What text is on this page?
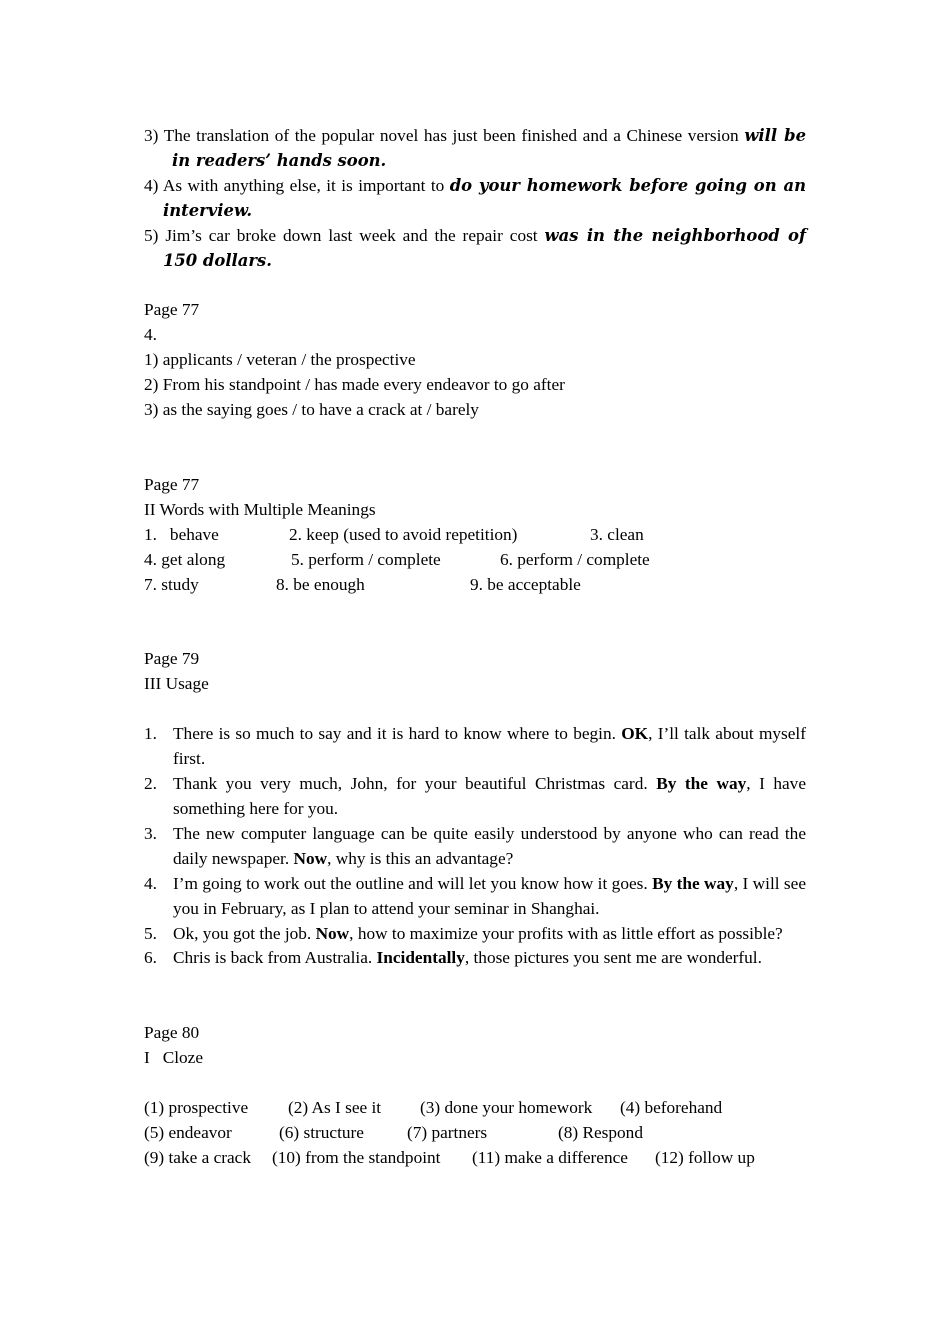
3) The translation of the popular novel has just been finished and a Chinese version will be in readers’ hands soon.

4) As with anything else, it is important to do your homework before going on an interview.

5) Jim’s car broke down last week and the repair cost was in the neighborhood of 150 dollars.

Page 77

4.

1) applicants / veteran / the prospective

2) From his standpoint / has made every endeavor to go after

3) as the saying goes / to have a crack at / barely

Page 77

II Words with Multiple Meanings

1.   behave	2. keep (used to avoid repetition)	3. clean
4. get along	5. perform / complete	6. perform / complete
7. study	8. be enough	9. be acceptable

Page 79

III Usage

1. There is so much to say and it is hard to know where to begin. OK, I’ll talk about myself first.
2. Thank you very much, John, for your beautiful Christmas card. By the way, I have something here for you.
3. The new computer language can be quite easily understood by anyone who can read the daily newspaper. Now, why is this an advantage?
4. I’m going to work out the outline and will let you know how it goes. By the way, I will see you in February, as I plan to attend your seminar in Shanghai.
5. Ok, you got the job. Now, how to maximize your profits with as little effort as possible?
6. Chris is back from Australia. Incidentally, those pictures you sent me are wonderful.

Page 80

I   Cloze

(1) prospective (2) As I see it (3) done your homework (4) beforehand
(5) endeavor	(6) structure (7) partners	(8) Respond
(9) take a crack (10) from the standpoint (11) make a difference (12) follow up
